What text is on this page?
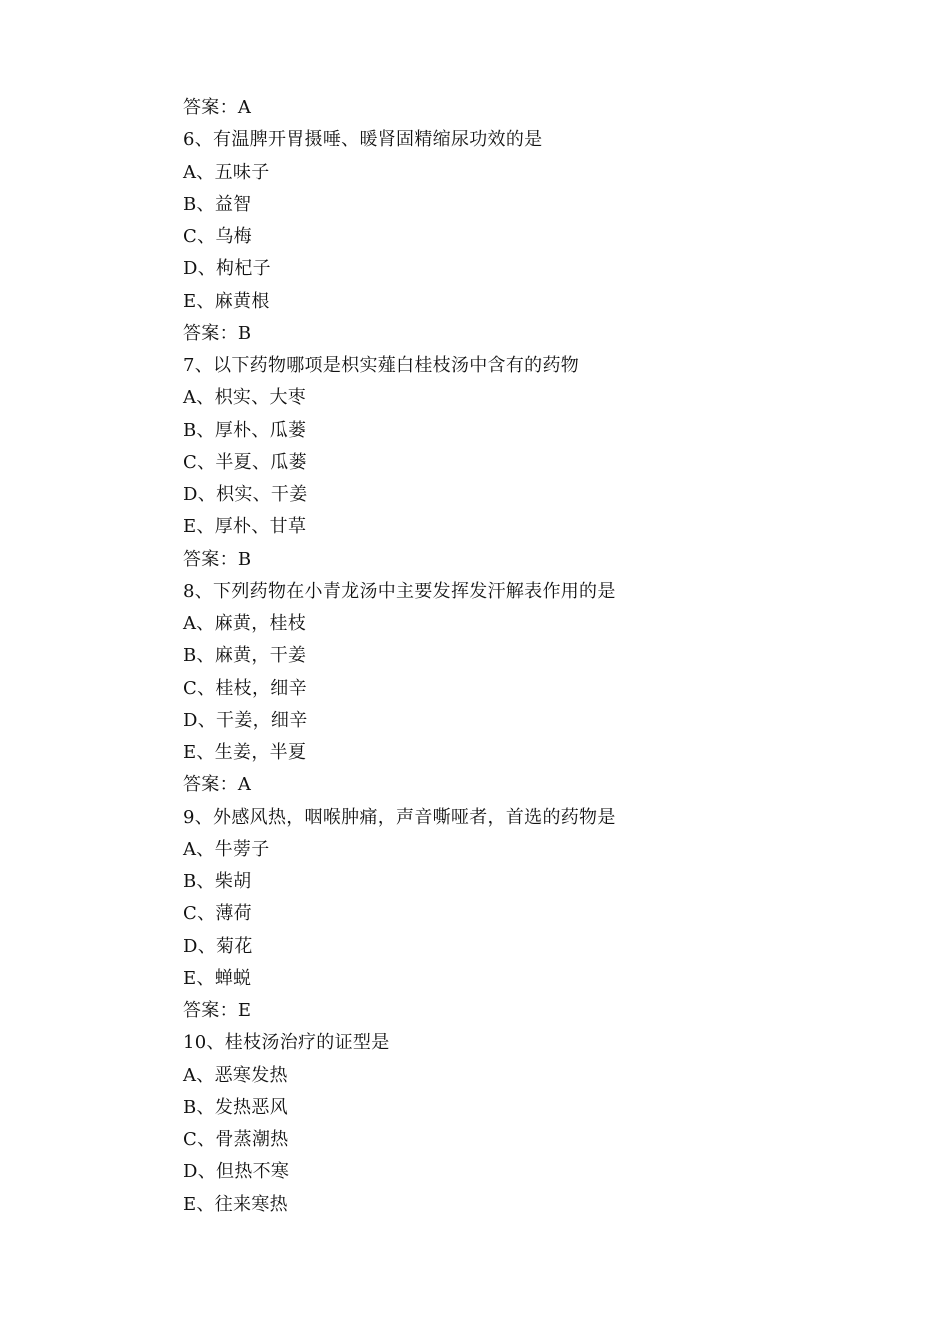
答案：A
6、有温脾开胃摄唾、暖肾固精缩尿功效的是
A、五味子
B、益智
C、乌梅
D、枸杞子
E、麻黄根
答案：B
7、以下药物哪项是枳实薤白桂枝汤中含有的药物
A、枳实、大枣
B、厚朴、瓜蒌
C、半夏、瓜蒌
D、枳实、干姜
E、厚朴、甘草
答案：B
8、下列药物在小青龙汤中主要发挥发汗解表作用的是
A、麻黄，桂枝
B、麻黄，干姜
C、桂枝，细辛
D、干姜，细辛
E、生姜，半夏
答案：A
9、外感风热，咽喉肿痛，声音嘶哑者，首选的药物是
A、牛蒡子
B、柴胡
C、薄荷
D、菊花
E、蝉蜕
答案：E
10、桂枝汤治疗的证型是
A、恶寒发热
B、发热恶风
C、骨蒸潮热
D、但热不寒
E、往来寒热
